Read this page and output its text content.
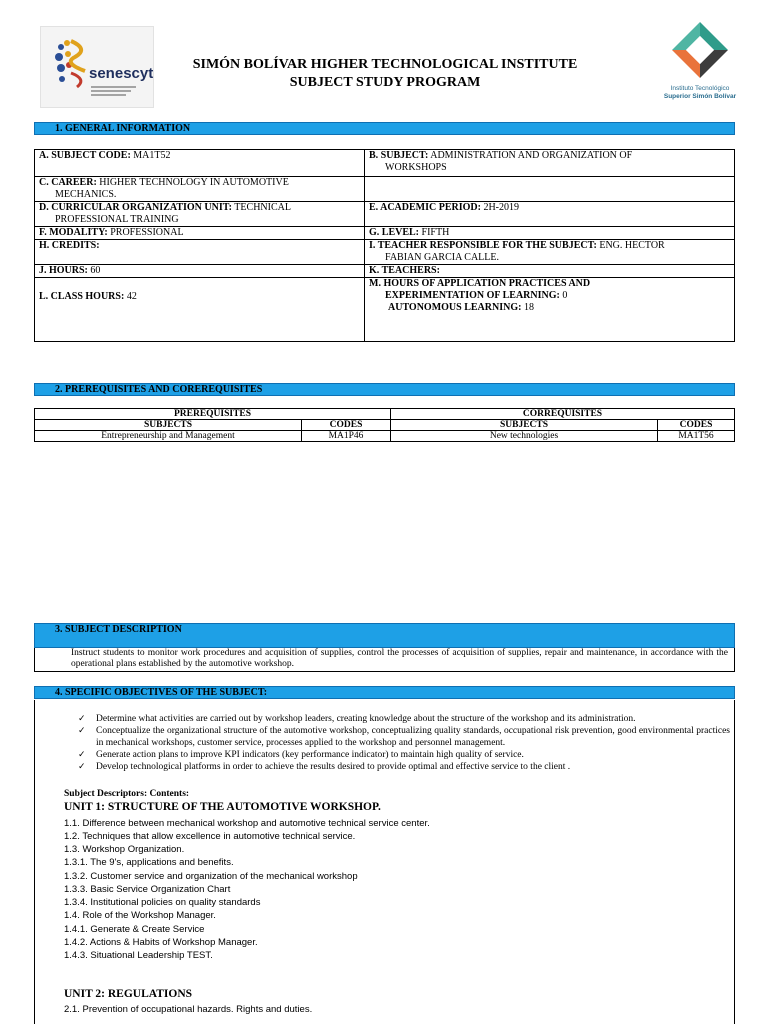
senescyt
SIMÓN BOLÍVAR HIGHER TECHNOLOGICAL INSTITUTE
SUBJECT STUDY PROGRAM	Instituto Tecnológico
Superior Simón Bolívar
1. GENERAL INFORMATION
A. SUBJECT CODE: MA1T52	B. SUBJECT: ADMINISTRATION AND ORGANIZATION OF
WORKSHOPS

C. CAREER: HIGHER TECHNOLOGY IN AUTOMOTIVE
MECHANICS.	

D. CURRICULAR ORGANIZATION UNIT: TECHNICAL
PROFESSIONAL TRAINING	E. ACADEMIC PERIOD: 2H-2019
F. MODALITY: PROFESSIONAL	G. LEVEL: FIFTH
H. CREDITS:	I. TEACHER RESPONSIBLE FOR THE SUBJECT: ENG. HECTOR
FABIAN GARCIA CALLE.

J. HOURS: 60	K. TEACHERS:
L. CLASS HOURS: 42	M. HOURS OF APPLICATION PRACTICES AND
EXPERIMENTATION OF LEARNING: 0
AUTONOMOUS LEARNING: 18
2. PREREQUISITES AND COREREQUISITES
PREREQUISITES		CORREQUISITES	
SUBJECTS	CODES	SUBJECTS	CODES
Entrepreneurship and Management	MA1P46	New technologies	MA1T56
3. SUBJECT DESCRIPTION
Instruct students to monitor work procedures and acquisition of supplies, control the processes of acquisition of supplies, repair and maintenance, in accordance with the operational plans established by the automotive workshop.
4. SPECIFIC OBJECTIVES OF THE SUBJECT:
✓ Determine what activities are carried out by workshop leaders, creating knowledge about the structure of the workshop and its administration.
✓ Conceptualize the organizational structure of the automotive workshop, conceptualizing quality standards, occupational risk prevention, good environmental practices in mechanical workshops, customer service, processes applied to the workshop and personnel management.
✓ Generate action plans to improve KPI indicators (key performance indicator) to maintain high quality of service.
✓ Develop technological platforms in order to achieve the results desired to provide optimal and effective service to the client .
Subject Descriptors: Contents:
UNIT 1: STRUCTURE OF THE AUTOMOTIVE WORKSHOP.
1.1. Difference between mechanical workshop and automotive technical service center.
1.2. Techniques that allow excellence in automotive technical service.
1.3. Workshop Organization.
1.3.1. The 9's, applications and benefits.
1.3.2. Customer service and organization of the mechanical workshop
1.3.3. Basic Service Organization Chart
1.3.4. Institutional policies on quality standards
1.4. Role of the Workshop Manager.
1.4.1. Generate & Create Service
1.4.2. Actions & Habits of Workshop Manager.
1.4.3. Situational Leadership TEST.
UNIT 2: REGULATIONS
2.1. Prevention of occupational hazards. Rights and duties.
